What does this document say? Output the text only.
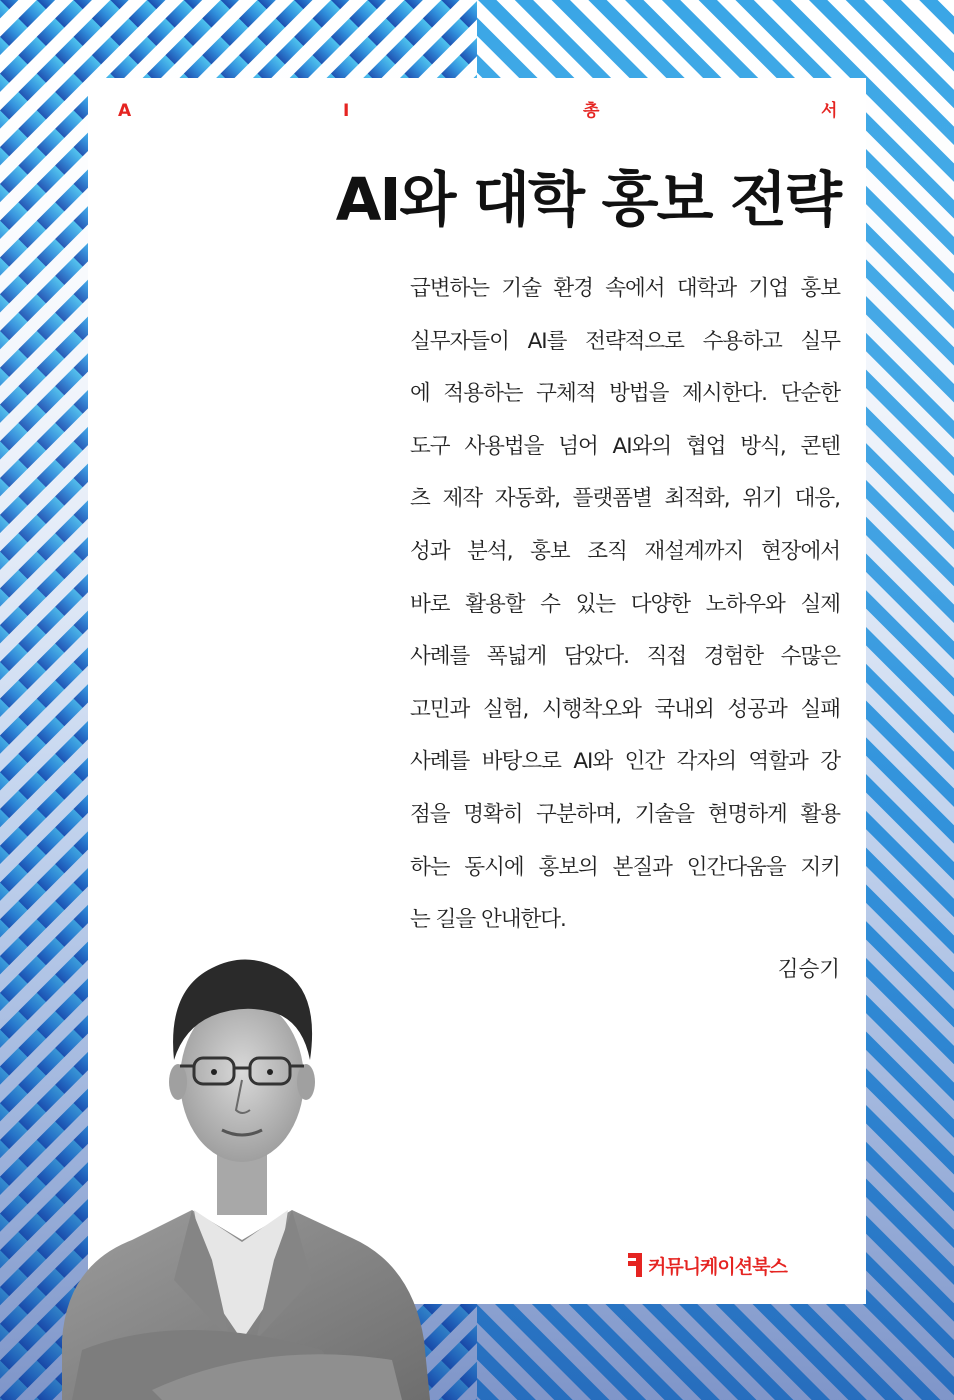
A	I	총	서
AI와 대학 홍보 전략
급변하는 기술 환경 속에서 대학과 기업 홍보
실무자들이 AI를 전략적으로 수용하고 실무
에 적용하는 구체적 방법을 제시한다. 단순한
도구 사용법을 넘어 AI와의 협업 방식, 콘텐
츠 제작 자동화, 플랫폼별 최적화, 위기 대응,
성과 분석, 홍보 조직 재설계까지 현장에서
바로 활용할 수 있는 다양한 노하우와 실제
사례를 폭넓게 담았다. 직접 경험한 수많은
고민과 실험, 시행착오와 국내외 성공과 실패
사례를 바탕으로 AI와 인간 각자의 역할과 강
점을 명확히 구분하며, 기술을 현명하게 활용
하는 동시에 홍보의 본질과 인간다움을 지키
는 길을 안내한다.
김승기
커뮤니케이션북스
